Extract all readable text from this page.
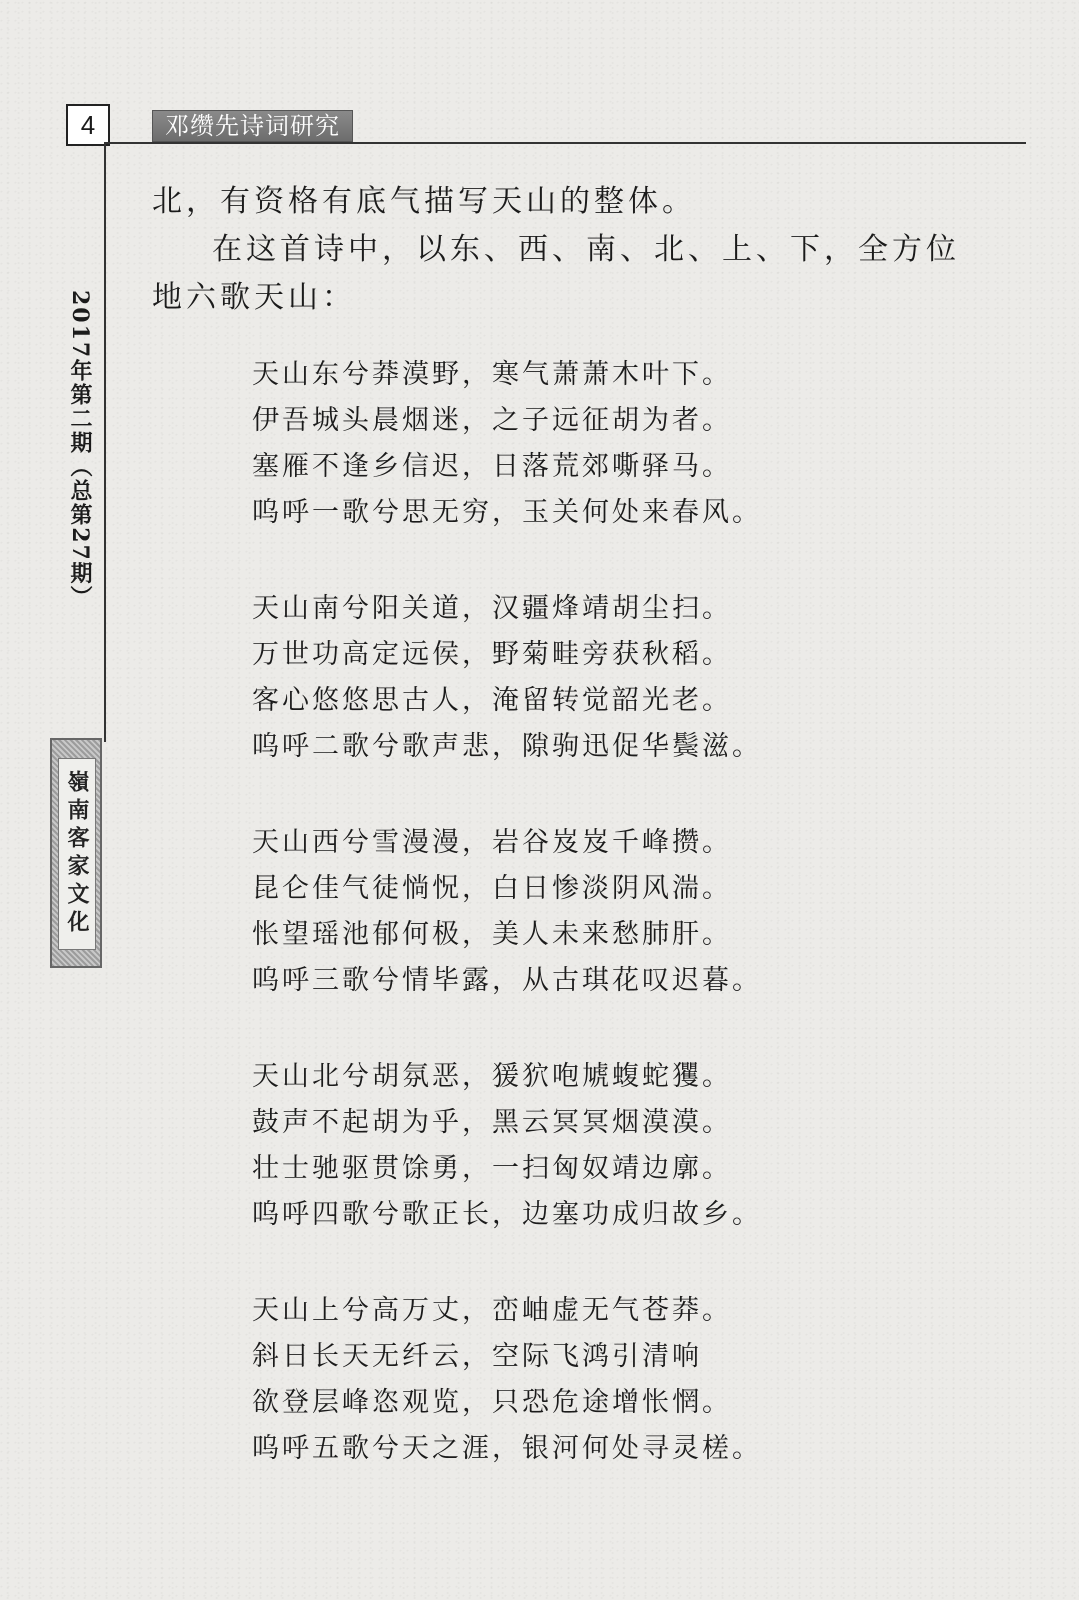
4	邓缵先诗词研究
2017年第二期（总第27期）
嶺南客家文化

北，有资格有底气描写天山的整体。

在这首诗中，以东、西、南、北、上、下，全方位地六歌天山：

天山东兮莽漠野，寒气萧萧木叶下。
伊吾城头晨烟迷，之子远征胡为者。
塞雁不逢乡信迟，日落荒郊嘶驿马。
呜呼一歌兮思无穷，玉关何处来春风。
天山南兮阳关道，汉疆烽靖胡尘扫。
万世功高定远侯，野菊畦旁获秋稻。
客心悠悠思古人，淹留转觉韶光老。
呜呼二歌兮歌声悲，隙驹迅促华鬓滋。
天山西兮雪漫漫，岩谷岌岌千峰攒。
昆仑佳气徒惝怳，白日惨淡阴风湍。
怅望瑶池郁何极，美人未来愁肺肝。
呜呼三歌兮情毕露，从古琪花叹迟暮。
天山北兮胡氛恶，猨狖咆虓蝮蛇玃。
鼓声不起胡为乎，黑云冥冥烟漠漠。
壮士驰驱贯馀勇，一扫匈奴靖边廓。
呜呼四歌兮歌正长，边塞功成归故乡。
天山上兮高万丈，峦岫虚无气苍莽。
斜日长天无纤云，空际飞鸿引清响
欲登层峰恣观览，只恐危途增怅惘。
呜呼五歌兮天之涯，银河何处寻灵槎。
